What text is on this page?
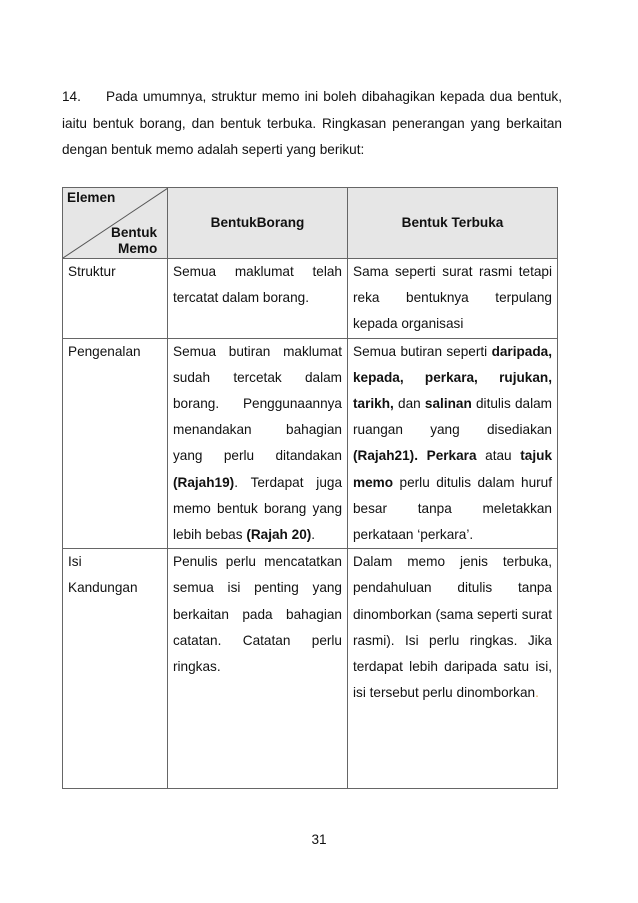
14. Pada umumnya, struktur memo ini boleh dibahagikan kepada dua bentuk, iaitu bentuk borang, dan bentuk terbuka. Ringkasan penerangan yang berkaitan dengan bentuk memo adalah seperti yang berikut:
Elemen
Bentuk
Memo	BentukBorang	Bentuk Terbuka
Struktur	Semua maklumat telah tercatat dalam borang.	Sama seperti surat rasmi tetapi reka bentuknya terpulang kepada organisasi
Pengenalan	Semua butiran maklumat sudah tercetak dalam borang. Penggunaannya menandakan bahagian yang perlu ditandakan (Rajah19). Terdapat juga memo bentuk borang yang lebih bebas (Rajah 20).	Semua butiran seperti daripada, kepada, perkara, rujukan, tarikh, dan salinan ditulis dalam ruangan yang disediakan (Rajah21). Perkara atau tajuk memo perlu ditulis dalam huruf besar tanpa meletakkan perkataan ‘perkara’.
Isi
Kandungan	Penulis perlu mencatatkan semua isi penting yang berkaitan pada bahagian catatan. Catatan perlu ringkas.	Dalam memo jenis terbuka, pendahuluan ditulis tanpa dinomborkan (sama seperti surat rasmi). Isi perlu ringkas. Jika terdapat lebih daripada satu isi, isi tersebut perlu dinomborkan.
31
